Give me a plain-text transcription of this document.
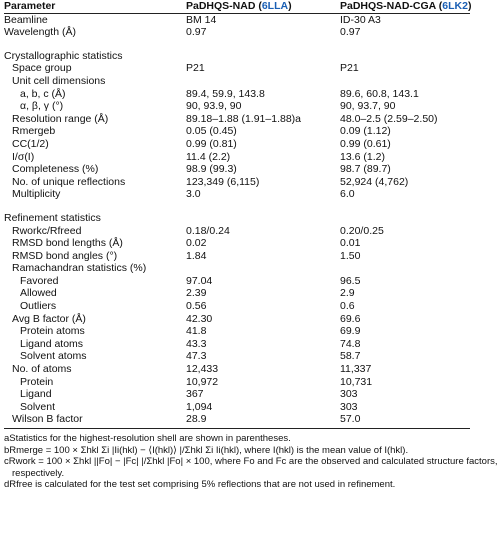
Parameter	PaDHQS-NAD (6LLA)	PaDHQS-NAD-CGA (6LK2)
Beamline	BM 14	ID-30 A3
Wavelength (Å)	0.97	0.97
Crystallographic statistics		
Space group	P21	P21
Unit cell dimensions		
a, b, c (Å)	89.4, 59.9, 143.8	89.6, 60.8, 143.1
α, β, γ (°)	90, 93.9, 90	90, 93.7, 90
Resolution range (Å)	89.18–1.88 (1.91–1.88)a	48.0–2.5 (2.59–2.50)
Rmergeb	0.05 (0.45)	0.09 (1.12)
CC(1/2)	0.99 (0.81)	0.99 (0.61)
I/σ(I)	11.4 (2.2)	13.6 (1.2)
Completeness (%)	98.9 (99.3)	98.7 (89.7)
No. of unique reflections	123,349 (6,115)	52,924 (4,762)
Multiplicity	3.0	6.0
Refinement statistics		
Rworkc/Rfreed	0.18/0.24	0.20/0.25
RMSD bond lengths (Å)	0.02	0.01
RMSD bond angles (°)	1.84	1.50
Ramachandran statistics (%)		
Favored	97.04	96.5
Allowed	2.39	2.9
Outliers	0.56	0.6
Avg B factor (Å)	42.30	69.6
Protein atoms	41.8	69.9
Ligand atoms	43.3	74.8
Solvent atoms	47.3	58.7
No. of atoms	12,433	11,337
Protein	10,972	10,731
Ligand	367	303
Solvent	1,094	303
Wilson B factor	28.9	57.0
aStatistics for the highest-resolution shell are shown in parentheses.
bRmerge = 100 × Σhkl Σi |Ii(hkl) − ⟨I(hkl)⟩ |/Σhkl Σi Ii(hkl), where I(hkl) is the mean value of I(hkl).
cRwork = 100 × Σhkl ||Fo| − |Fc| |/Σhkl |Fo| × 100, where Fo and Fc are the observed and calculated structure factors,
respectively.
dRfree is calculated for the test set comprising 5% reflections that are not used in refinement.
